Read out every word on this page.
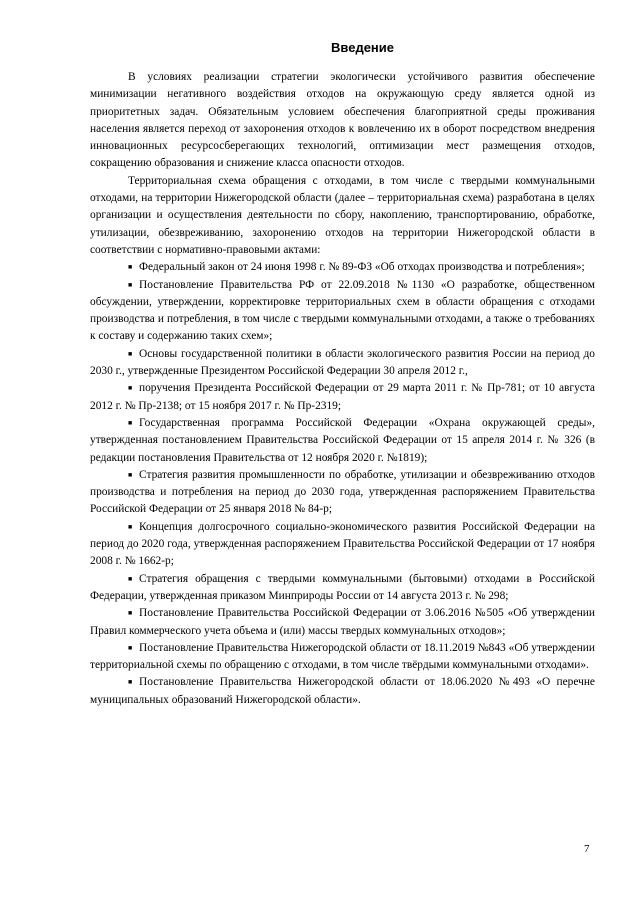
Введение

В условиях реализации стратегии экологически устойчивого развития обеспечение минимизации негативного воздействия отходов на окружающую среду является одной из приоритетных задач. Обязательным условием обеспечения благоприятной среды проживания населения является переход от захоронения отходов к вовлечению их в оборот посредством внедрения инновационных ресурсосберегающих технологий, оптимизации мест размещения отходов, сокращению образования и снижение класса опасности отходов.

Территориальная схема обращения с отходами, в том числе с твердыми коммунальными отходами, на территории Нижегородской области (далее – территориальная схема) разработана в целях организации и осуществления деятельности по сбору, накоплению, транспортированию, обработке, утилизации, обезвреживанию, захоронению отходов на территории Нижегородской области в соответствии с нормативно-правовыми актами:

■ Федеральный закон от 24 июня 1998 г. № 89-ФЗ «Об отходах производства и потребления»;
■ Постановление Правительства РФ от 22.09.2018 №1130 «О разработке, общественном обсуждении, утверждении, корректировке территориальных схем в области обращения с отходами производства и потребления, в том числе с твердыми коммунальными отходами, а также о требованиях к составу и содержанию таких схем»;
■ Основы государственной политики в области экологического развития России на период до 2030 г., утвержденные Президентом Российской Федерации 30 апреля 2012 г.,
■ поручения Президента Российской Федерации от 29 марта 2011 г. № Пр-781; от 10 августа 2012 г. № Пр-2138; от 15 ноября 2017 г. № Пр-2319;
■ Государственная программа Российской Федерации «Охрана окружающей среды», утвержденная постановлением Правительства Российской Федерации от 15 апреля 2014 г. № 326 (в редакции постановления Правительства от 12 ноября 2020 г. №1819);
■ Стратегия развития промышленности по обработке, утилизации и обезвреживанию отходов производства и потребления на период до 2030 года, утвержденная распоряжением Правительства Российской Федерации от 25 января 2018 № 84-р;
■ Концепция долгосрочного социально-экономического развития Российской Федерации на период до 2020 года, утвержденная распоряжением Правительства Российской Федерации от 17 ноября 2008 г. № 1662-р;
■ Стратегия обращения с твердыми коммунальными (бытовыми) отходами в Российской Федерации, утвержденная приказом Минприроды России от 14 августа 2013 г. № 298;
■ Постановление Правительства Российской Федерации от 3.06.2016 №505 «Об утверждении Правил коммерческого учета объема и (или) массы твердых коммунальных отходов»;
■ Постановление Правительства Нижегородской области от 18.11.2019 №843 «Об утверждении территориальной схемы по обращению с отходами, в том числе твёрдыми коммунальными отходами».
■ Постановление Правительства Нижегородской области от 18.06.2020 №493 «О перечне муниципальных образований Нижегородской области».
7
